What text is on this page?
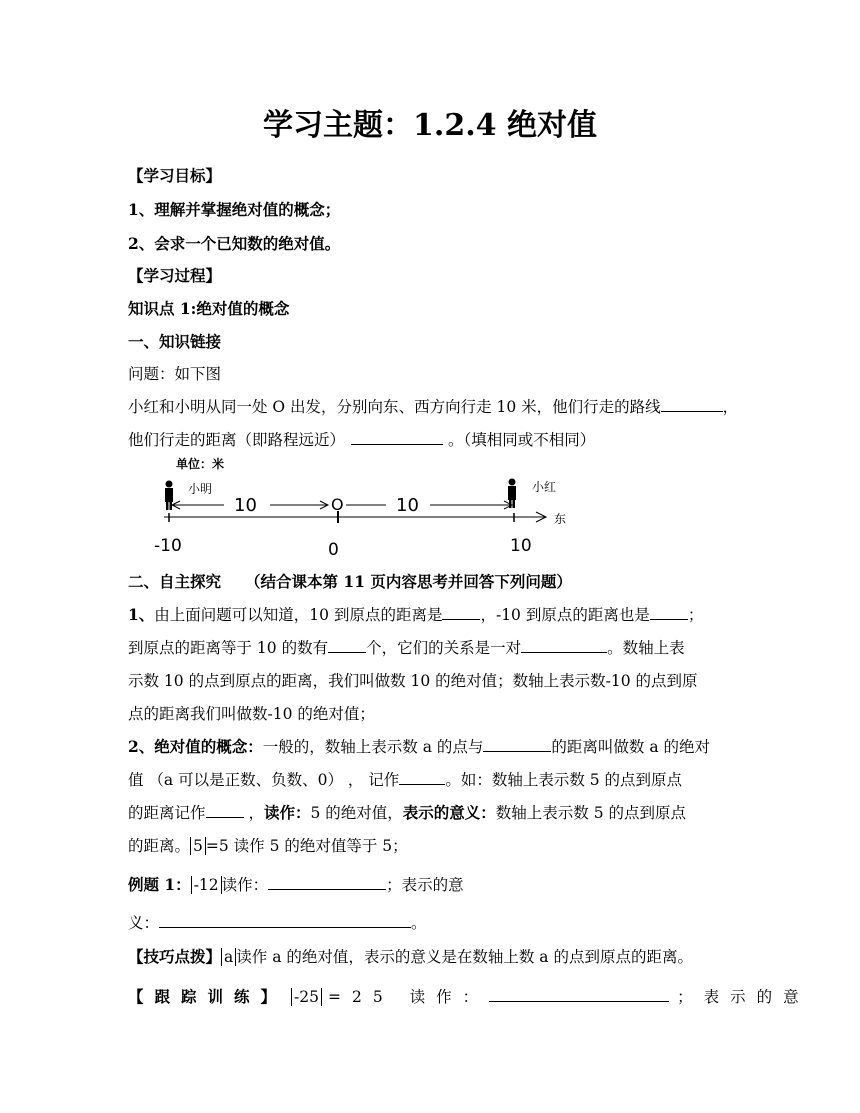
学习主题：1.2.4 绝对值
【学习目标】
1、理解并掌握绝对值的概念；
2、会求一个已知数的绝对值。
【学习过程】
知识点 1:绝对值的概念
一、知识链接
问题：如下图
小红和小明从同一处 O 出发，分别向东、西方向行走 10 米，他们行走的路线	，
他们行走的距离（即路程远近）	。（填相同或不相同）
单位：米
小明	小红
10	O	10
东
-10	0	10
二、自主探究 （结合课本第 11 页内容思考并回答下列问题）
1、由上面问题可以知道，10 到原点的距离是 ，-10 到原点的距离也是 ；
到原点的距离等于 10 的数有 个，它们的关系是一对	。数轴上表
示数 10 的点到原点的距离，我们叫做数 10 的绝对值；数轴上表示数-10 的点到原
点的距离我们叫做数-10 的绝对值；
2、绝对值的概念：一般的，数轴上表示数 a 的点与	的距离叫做数 a 的绝对
值 （a 可以是正数、负数、0） ， 记作	。如：数轴上表示数 5 的点到原点
的距离记作 ，读作：5 的绝对值，表示的意义：数轴上表示数 5 的点到原点
的距离。 5 =5 读作 5 的绝对值等于 5；
例题 1： -12 读作：	；表示的意
义：	。
【技巧点拨】 a 读作 a 的绝对值，表示的意义是在数轴上数 a 的点到原点的距离。
【跟踪训练】 -25 =25 读作：	；表示的意
